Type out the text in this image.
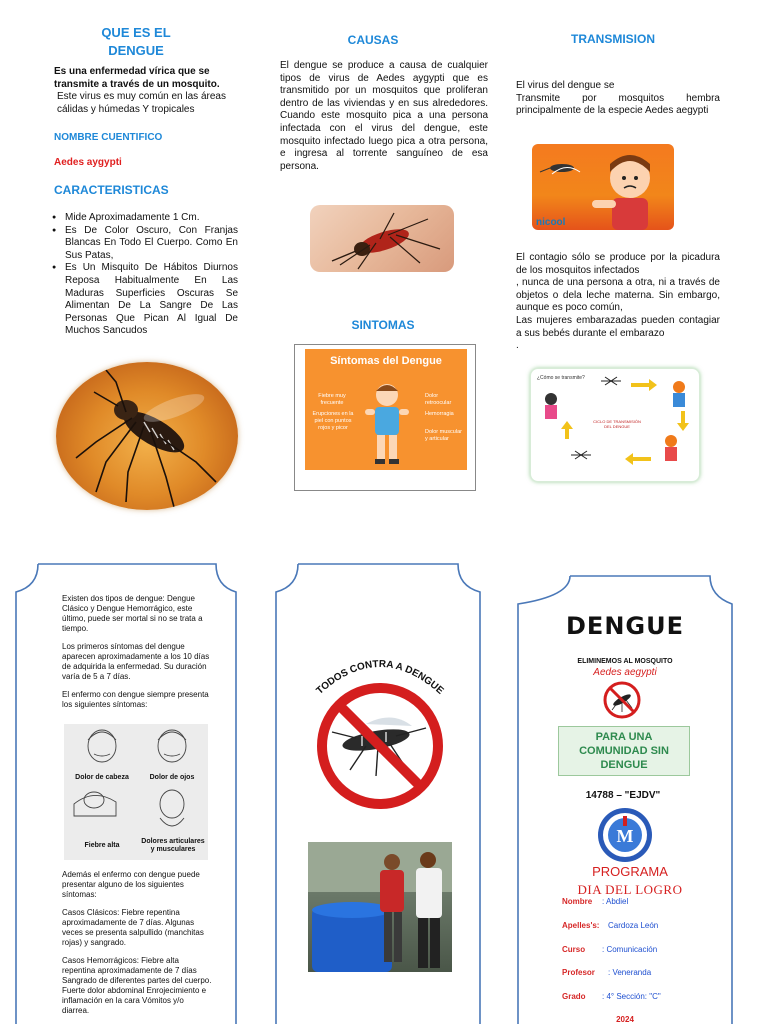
QUE ES EL DENGUE
Es una enfermedad vírica que se transmite a través de un mosquito.
Este virus es muy común en las áreas cálidas y húmedas Y tropicales
NOMBRE CUENTIFICO
Aedes aygypti
CARACTERISTICAS
● Mide Aproximadamente 1 Cm.
● Es De Color Oscuro, Con Franjas Blancas En Todo El Cuerpo. Como En Sus Patas,
● Es Un Misquito De Hábitos Diurnos Reposa Habitualmente En Las Maduras Superficies Oscuras Se Alimentan De La Sangre De Las Personas Que Pican Al Igual De Muchos Sancudos
CAUSAS
El dengue se produce a causa de cualquier tipos de virus de Aedes aygypti que es transmitido por un mosquitos que proliferan dentro de las viviendas y en sus alrededores. Cuando este mosquito pica a una persona infectada con el virus del dengue, este mosquito infectado luego pica a otra persona, e ingresa al torrente sanguíneo de esa persona.
SINTOMAS
Síntomas del Dengue
Fiebre muy frecuente
Erupciones en la piel con puntos rojos y picor
Dolor retroocular
Hemorragia
Dolor muscular y articular
TRANSMISION
El virus del dengue se
Transmite por mosquitos hembra principalmente de la especie Aedes aegypti
nicool
El contagio sólo se produce por la picadura de los mosquitos infectados
, nunca de una persona a otra, ni a través de objetos o dela leche materna. Sin embargo, aunque es poco común,
Las mujeres embarazadas pueden contagiar a sus bebés durante el embarazo
.
¿Cómo se transmite?
CICLO DE TRANSMISIÓN DEL DENGUE

Existen dos tipos de dengue: Dengue Clásico y Dengue Hemorrágico, este último, puede ser mortal si no se trata a tiempo.

Los primeros síntomas del dengue aparecen aproximadamente a los 10 días de adquirida la enfermedad. Su duración varía de 5 a 7 días.

El enfermo con dengue siempre presenta los siguientes síntomas:

Dolor de cabeza	Dolor de ojos
Fiebre alta
Dolores articulares y musculares

Además el enfermo con dengue puede presentar alguno de los siguientes síntomas:

Casos Clásicos: Fiebre repentina aproximadamente de 7 días. Algunas veces se presenta salpullido (manchitas rojas) y sangrado.

Casos Hemorrágicos: Fiebre alta repentina aproximadamente de 7 días Sangrado de diferentes partes del cuerpo. Fuerte dolor abdominal Enrojecimiento e inflamación en la cara Vómitos y/o diarrea.

TODOS CONTRA A DENGUE
DENGUE
ELIMINEMOS AL MOSQUITO
Aedes aegypti
PARA UNA COMUNIDAD SIN DENGUE
14788 – "EJDV"
M
PROGRAMA
DIA DEL LOGRO
Nombre : Abdiel
Apelles's: Cardoza León
Curso : Comunicación
Profesor : Veneranda
Grado : 4° Sección: "C"
2024
